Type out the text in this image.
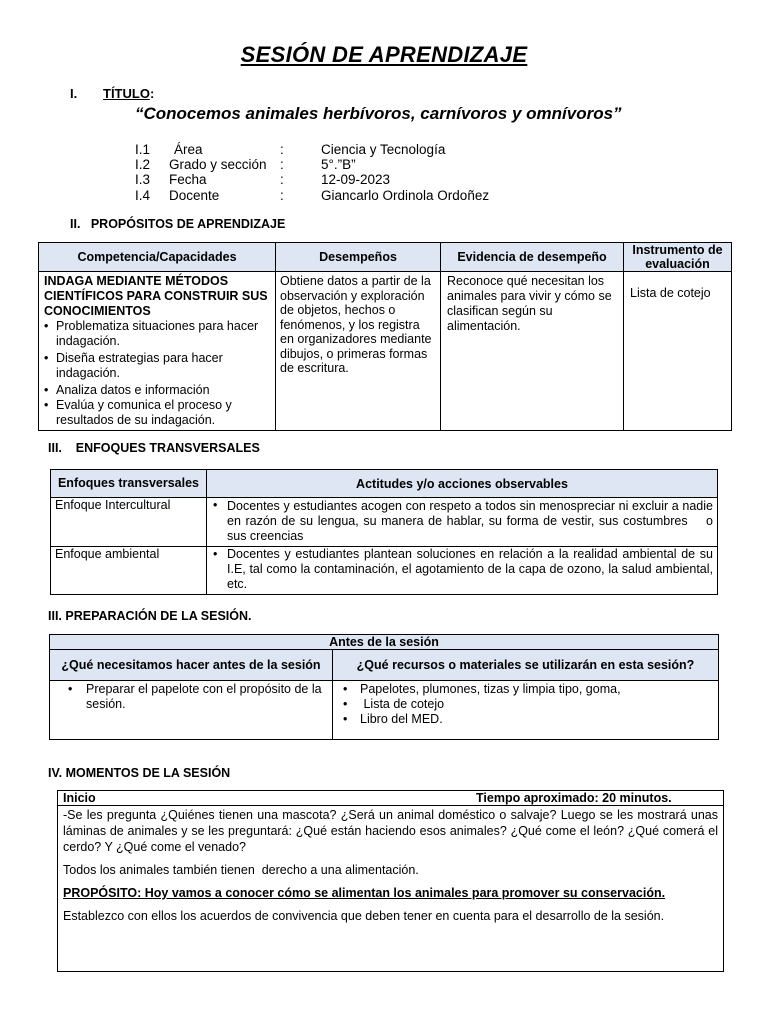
SESIÓN DE APRENDIZAJE
I. TÍTULO:
“Conocemos animales herbívoros, carnívoros y omnívoros”
I.1 Área	:	Ciencia y Tecnología
I.2 Grado y sección :	5°.”B”
I.3 Fecha	:	12-09-2023
I.4 Docente	:	Giancarlo Ordinola Ordoñez
II.   PROPÓSITOS DE APRENDIZAJE
Competencia/Capacidades	Desempeños	Evidencia de desempeño	Instrumento de evaluación

INDAGA MEDIANTE MÉTODOS CIENTÍFICOS PARA CONSTRUIR SUS CONOCIMIENTOS
• Problematiza situaciones para hacer indagación.
• Diseña estrategias para hacer indagación.
• Analiza datos e información
• Evalúa y comunica el proceso y resultados de su indagación.	Obtiene datos a partir de la observación y exploración de objetos, hechos o fenómenos, y los registra en organizadores mediante dibujos, o primeras formas de escritura.	Reconoce qué necesitan los animales para vivir y cómo se clasifican según su alimentación.	Lista de cotejo
III.    ENFOQUES TRANSVERSALES
Enfoques transversales	Actitudes y/o acciones observables

Enfoque Intercultural	• Docentes y estudiantes acogen con respeto a todos sin menospreciar ni excluir a nadie en razón de su lengua, su manera de hablar, su forma de vestir, sus costumbres    o sus creencias

Enfoque ambiental	• Docentes y estudiantes plantean soluciones en relación a la realidad ambiental de su I.E, tal como la contaminación, el agotamiento de la capa de ozono, la salud ambiental, etc.
III. PREPARACIÓN DE LA SESIÓN.
Antes de la sesión	
¿Qué necesitamos hacer antes de la sesión	¿Qué recursos o materiales se utilizarán en esta sesión?

• Preparar el papelote con el propósito de la sesión.	• Papelotes, plumones, tizas y limpia tipo, goma,
•  Lista de cotejo
• Libro del MED.
IV. MOMENTOS DE LA SESIÓN
Inicio	Tiempo aproximado: 20 minutos.
-Se les pregunta ¿Quiénes tienen una mascota? ¿Será un animal doméstico o salvaje? Luego se les mostrará unas láminas de animales y se les preguntará: ¿Qué están haciendo esos animales? ¿Qué come el león? ¿Qué comerá el cerdo? Y ¿Qué come el venado?
Todos los animales también tienen  derecho a una alimentación.
PROPÓSITO: Hoy vamos a conocer cómo se alimentan los animales para promover su conservación.
Establezco con ellos los acuerdos de convivencia que deben tener en cuenta para el desarrollo de la sesión.
